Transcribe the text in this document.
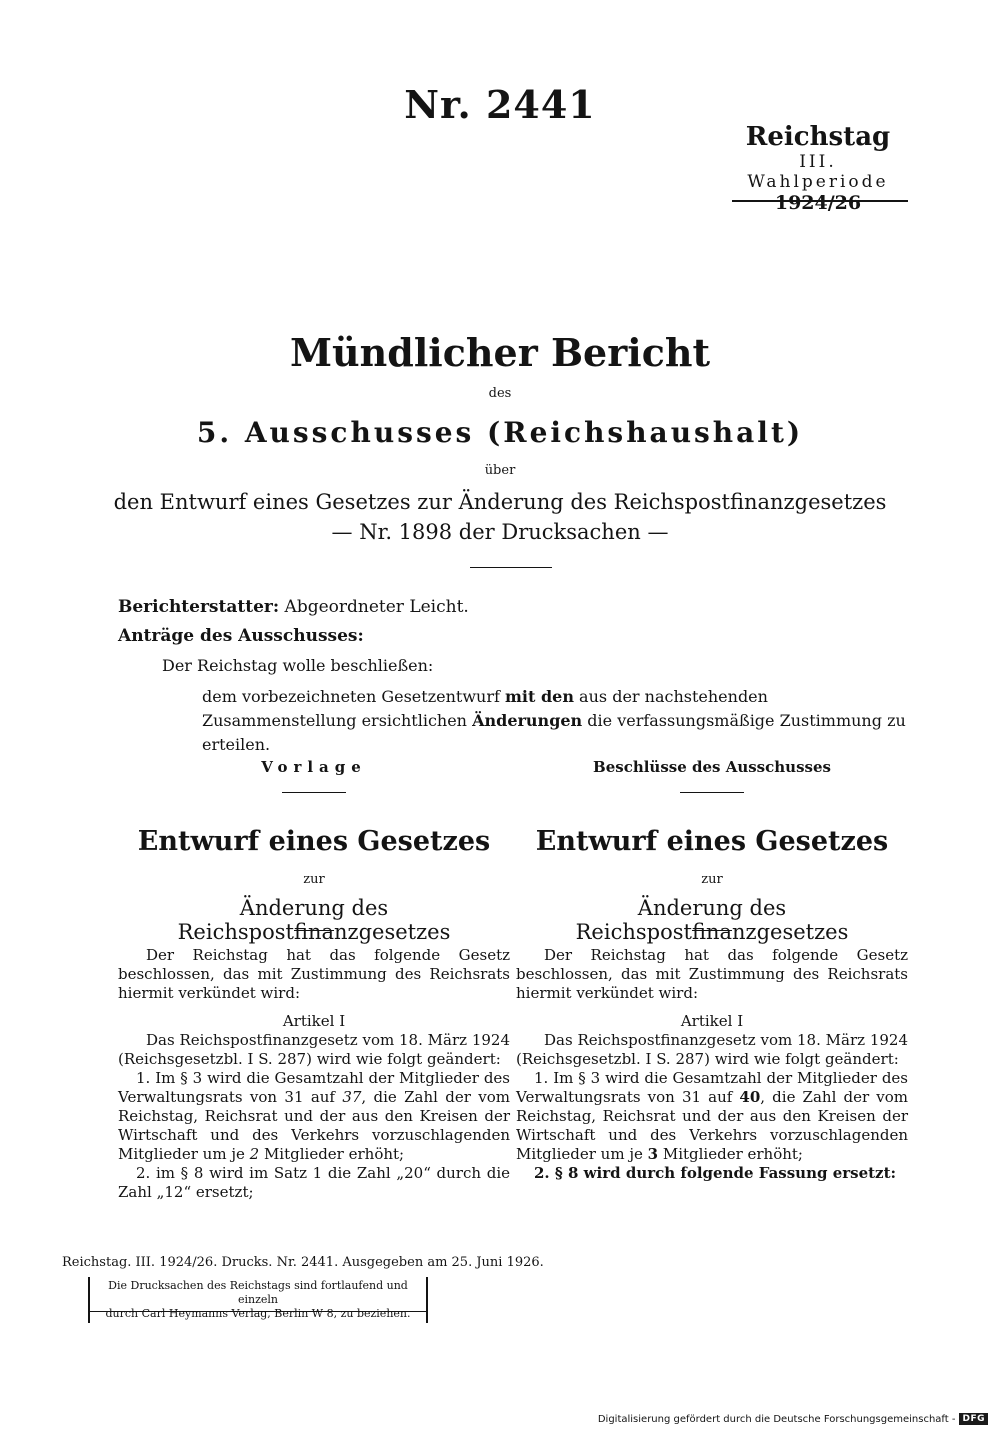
Nr. 2441
Reichstag
III. Wahlperiode
1924/26
Mündlicher Bericht
des
5. Ausschusses (Reichshaushalt)
über
den Entwurf eines Gesetzes zur Änderung des Reichspostfinanzgesetzes
— Nr. 1898 der Drucksachen —
Berichterstatter: Abgeordneter Leicht.
Anträge des Ausschusses:
Der Reichstag wolle beschließen:
dem vorbezeichneten Gesetzentwurf mit den aus der nachstehenden Zusammenstellung ersichtlichen Änderungen die verfassungsmäßige Zustimmung zu erteilen.
Vorlage
Entwurf eines Gesetzes
zur
Änderung des Reichspostfinanzgesetzes

Der Reichstag hat das folgende Gesetz beschlossen, das mit Zustimmung des Reichsrats hiermit verkündet wird:

Artikel I

Das Reichspostfinanzgesetz vom 18. März 1924 (Reichsgesetzbl. I S. 287) wird wie folgt geändert:

1. Im § 3 wird die Gesamtzahl der Mitglieder des Verwaltungsrats von 31 auf 37, die Zahl der vom Reichstag, Reichsrat und der aus den Kreisen der Wirtschaft und des Verkehrs vorzuschlagenden Mitglieder um je 2 Mitglieder erhöht;

2. im § 8 wird im Satz 1 die Zahl „20“ durch die Zahl „12“ ersetzt;

Beschlüsse des Ausschusses
Entwurf eines Gesetzes
zur
Änderung des Reichspostfinanzgesetzes

Der Reichstag hat das folgende Gesetz beschlossen, das mit Zustimmung des Reichsrats hiermit verkündet wird:

Artikel I

Das Reichspostfinanzgesetz vom 18. März 1924 (Reichsgesetzbl. I S. 287) wird wie folgt geändert:

1. Im § 3 wird die Gesamtzahl der Mitglieder des Verwaltungsrats von 31 auf 40, die Zahl der vom Reichstag, Reichsrat und der aus den Kreisen der Wirtschaft und des Verkehrs vorzuschlagenden Mitglieder um je 3 Mitglieder erhöht;

2. § 8 wird durch folgende Fassung ersetzt:

Reichstag. III. 1924/26. Drucks. Nr. 2441. Ausgegeben am 25. Juni 1926.
Die Drucksachen des Reichstags sind fortlaufend und einzeln
durch Carl Heymanns Verlag, Berlin W 8, zu beziehen.
Digitalisierung gefördert durch die Deutsche Forschungsgemeinschaft - DFG
